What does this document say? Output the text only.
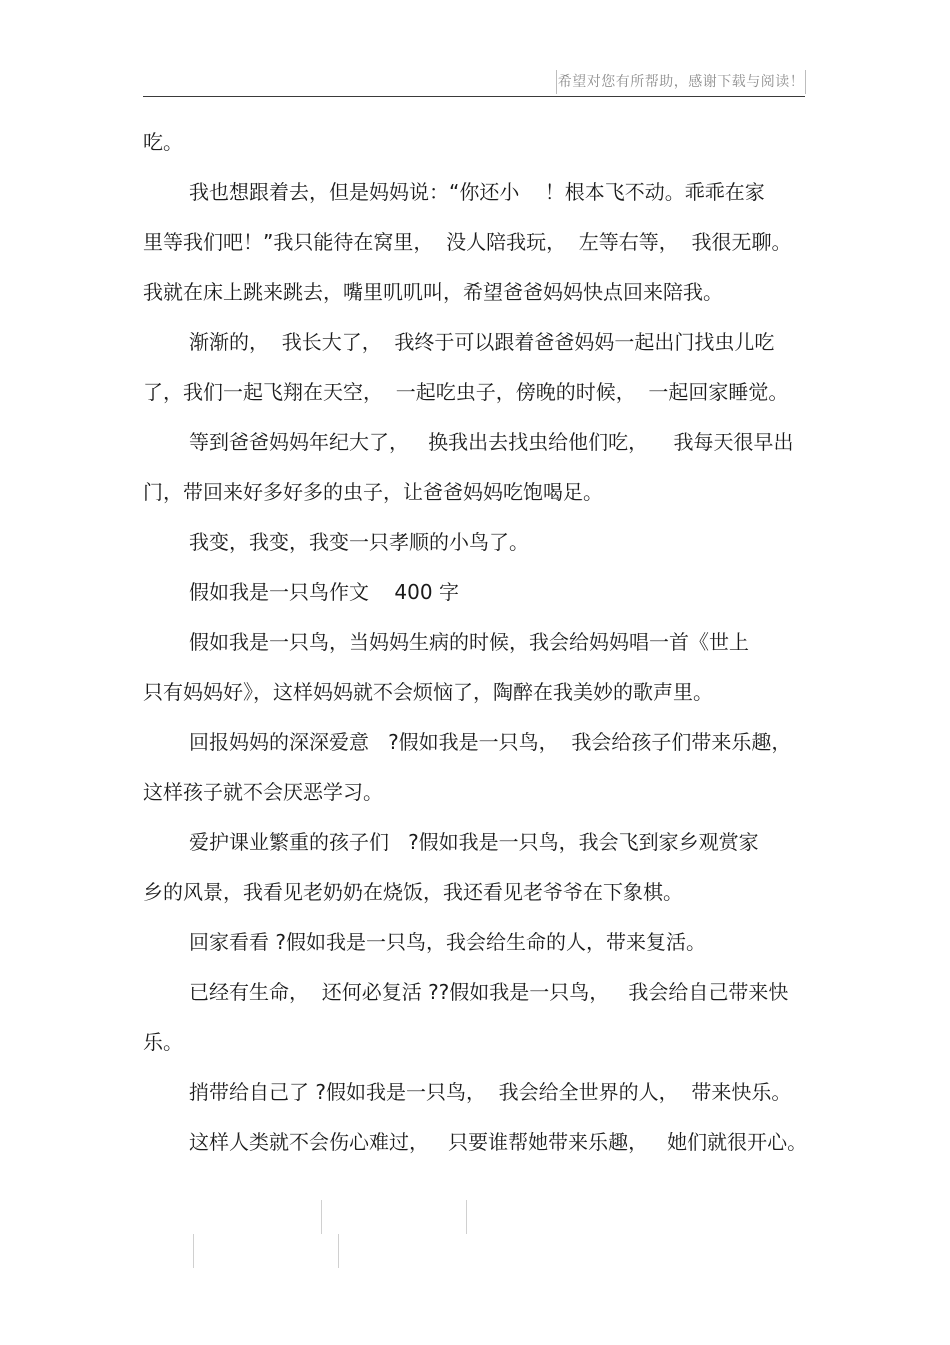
希望对您有所帮助，感谢下载与阅读！
吃。
我也想跟着去，但是妈妈说：“你还小    ！根本飞不动。乖乖在家
里等我们吧！”我只能待在窝里，  没人陪我玩，  左等右等，  我很无聊。
我就在床上跳来跳去，嘴里叽叽叫，希望爸爸妈妈快点回来陪我。
渐渐的，  我长大了，  我终于可以跟着爸爸妈妈一起出门找虫儿吃
了，我们一起飞翔在天空，  一起吃虫子，傍晚的时候，  一起回家睡觉。
等到爸爸妈妈年纪大了，   换我出去找虫给他们吃，    我每天很早出
门，带回来好多好多的虫子，让爸爸妈妈吃饱喝足。
我变，我变，我变一只孝顺的小鸟了。
假如我是一只鸟作文    400 字
假如我是一只鸟，当妈妈生病的时候，我会给妈妈唱一首《世上
只有妈妈好》，这样妈妈就不会烦恼了，陶醉在我美妙的歌声里。
回报妈妈的深深爱意   ?假如我是一只鸟，  我会给孩子们带来乐趣，
这样孩子就不会厌恶学习。
爱护课业繁重的孩子们   ?假如我是一只鸟，我会飞到家乡观赏家
乡的风景，我看见老奶奶在烧饭，我还看见老爷爷在下象棋。
回家看看 ?假如我是一只鸟，我会给生命的人，带来复活。
已经有生命，  还何必复活 ??假如我是一只鸟，   我会给自己带来快
乐。
捎带给自己了 ?假如我是一只鸟，  我会给全世界的人，  带来快乐。
这样人类就不会伤心难过，   只要谁帮她带来乐趣，   她们就很开心。
